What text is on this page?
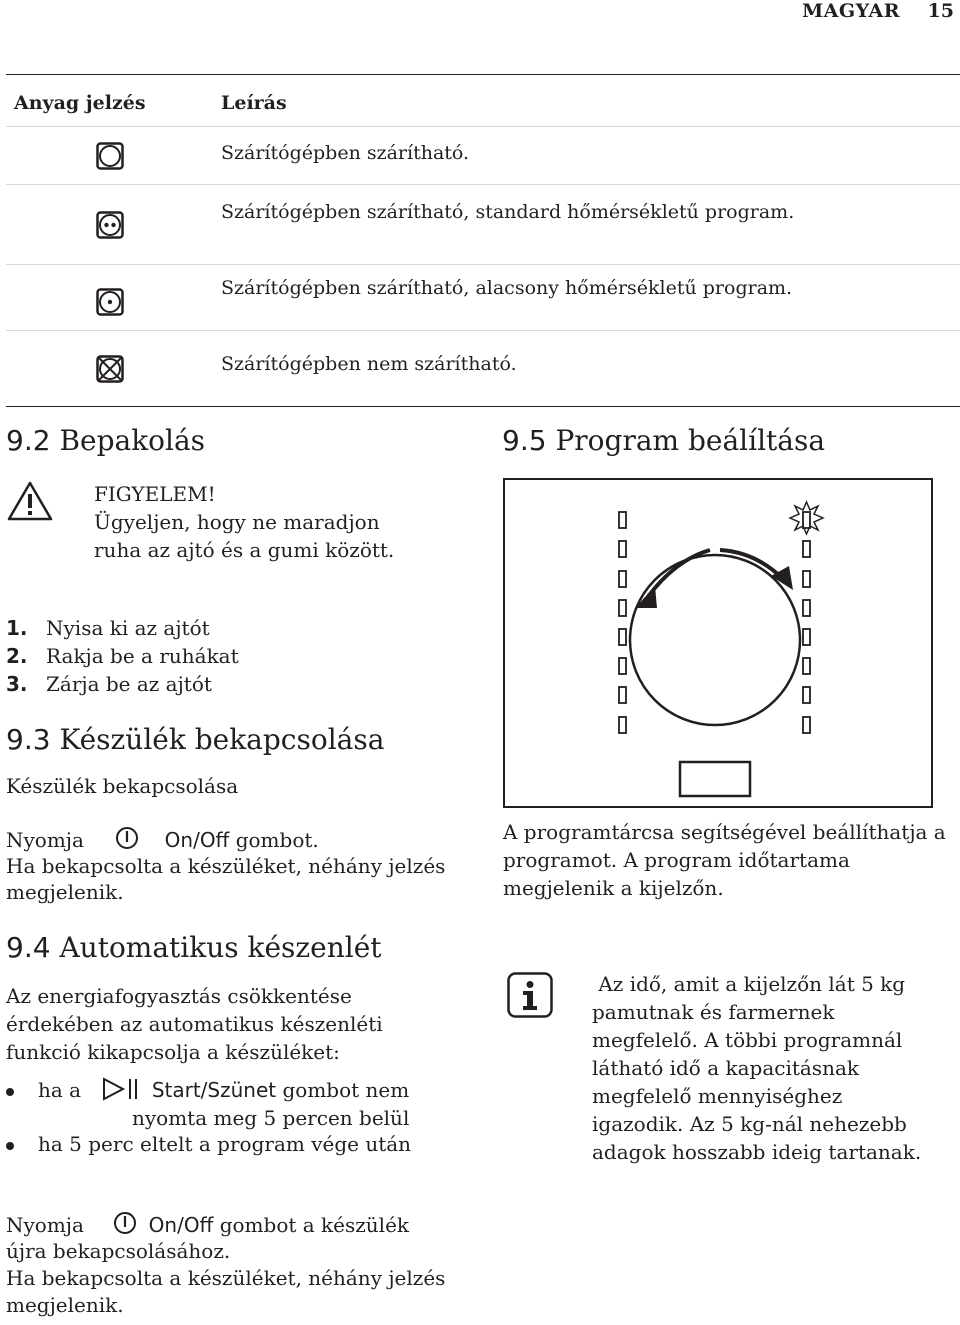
MAGYAR 15
Anyag jelzés	Leírás
Szárítógépben szárítható.
Szárítógépben szárítható, standard hőmérsékletű program.
Szárítógépben szárítható, alacsony hőmérsékletű program.
Szárítógépben nem szárítható.
9.2 Bepakolás
FIGYELEM!
Ügyeljen, hogy ne maradjon
ruha az ajtó és a gumi között.
1. Nyisa ki az ajtót
2. Rakja be a ruhákat
3. Zárja be az ajtót
9.3 Készülék bekapcsolása
Készülék bekapcsolása
Nyomja	On/Off gombot.
Ha bekapcsolta a készüléket, néhány jelzés
megjelenik.
9.4 Automatikus készenlét
Az energiafogyasztás csökkentése
érdekében az automatikus készenléti
funkció kikapcsolja a készüléket:
ha a	Start/Szünet gombot nem
nyomta meg 5 percen belül
ha 5 perc eltelt a program vége után
Nyomja	On/Off gombot a készülék
újra bekapcsolásához.
Ha bekapcsolta a készüléket, néhány jelzés
megjelenik.
9.5 Program beálíltása
A programtárcsa segítségével beállíthatja a
programot. A program időtartama
megjelenik a kijelzőn.
Az idő, amit a kijelzőn lát 5 kg
pamutnak és farmernek
megfelelő. A többi programnál
látható idő a kapacitásnak
megfelelő mennyiséghez
igazodik. Az 5 kg-nál nehezebb
adagok hosszabb ideig tartanak.
